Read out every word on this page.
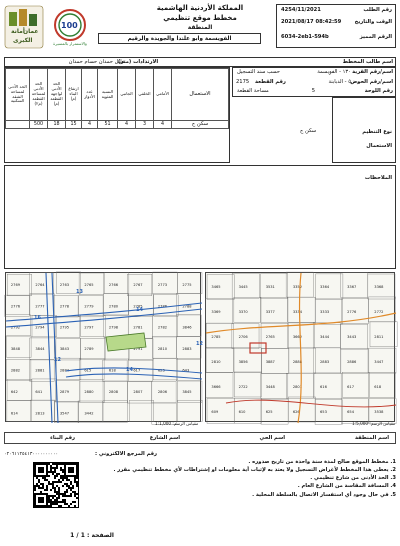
أمانة
عمان
الكبرى
100
والاستمرار بالمسيرة
المملكة الأردنية الهاشمية
مخطط موقع تنظيمي
المنطقة
الفويسمة وابو علندا والجويدة والرقيم
رقم الطلب
4254/11/2021
الوقت والتاريخ
2021/08/17 08:42:59
الرقم المميز
6034-2eb1-594b
اسم طالب المخطط
خليل حمدان حسام حمدان
اسم/رقم القرية
١٣٠ - الفويسمة
اسم/رقم الحوض
٥ - الدبابنة
رقم اللوحة
5
مساحة القطعة
2175 رقم القطعة
حسب سند التسجيل
نوع التنظيم
الاستعمال
سكن ج
الحد الأدنى لمساحة الشقة السكنية	الحد الأدنى لمساحة القطعة (م٢)	الحد الأدنى لواجهة القطعة (م)	ارتفاع البناء (م)	عدد الأدوار	النسبة المئوية	الجانبي	الخلفي	الأمامي	الاستعمال

	500	18	15	4	51	4	3	4	سكن ج
الارتدادات (متر)
الملاحظات
2769	2764	2763	2765	2766	2767	2773	2775
2776	2777	2778	2779	2780	2785	2786	2788
2792	2794	2795	2797	2798	2781	2782	3846
3848	3844	3843	2789	2791	2810	2883
2882	2881	2884	615	618	617	623	643
642	641	2879	2880	2808	2807	2806	3845
614	2813	3547	3442
16
14
12
12
14
13
مقياس الرسم: 1:1,000
3465	3445	3531	3352	3364	3367	3368
3369	3370	3377	3334	3333	2776	2772
2785	2706	2765	3662	3444	3443	2811
2810	3856	3887	2888	2883	2886	3447
3666	2722	3448	2801	616	617	618
609	610	625	626	653	654	3538
مقياس الرسم: 1:5,000
اسم المنطقة
اسم الحي
اسم الشارع
رقم البناء
رقم المرجع الالكتروني :
٠٢٠٦١١٢٥٤١٣٠٠٠٠٠٠٠٠٠٠
1. مخطط الموقع صالح لمدة سنة واحدة من تاريخ صدوره .
2. يعطى هذا المخطط لأغراض التسجيل ولا يعتد به لإثبات أية معلومات او إشتراطات لأي مخطط تنظيمي مقرر .
3. الحد الأدنى من شارع تنظيمي .
4. المسافة المقاسة من الشارع العام .
5. في حال وجود أي استفسار الاتصال بالسلطة المحلية .
الصفحة : 1 / 1
